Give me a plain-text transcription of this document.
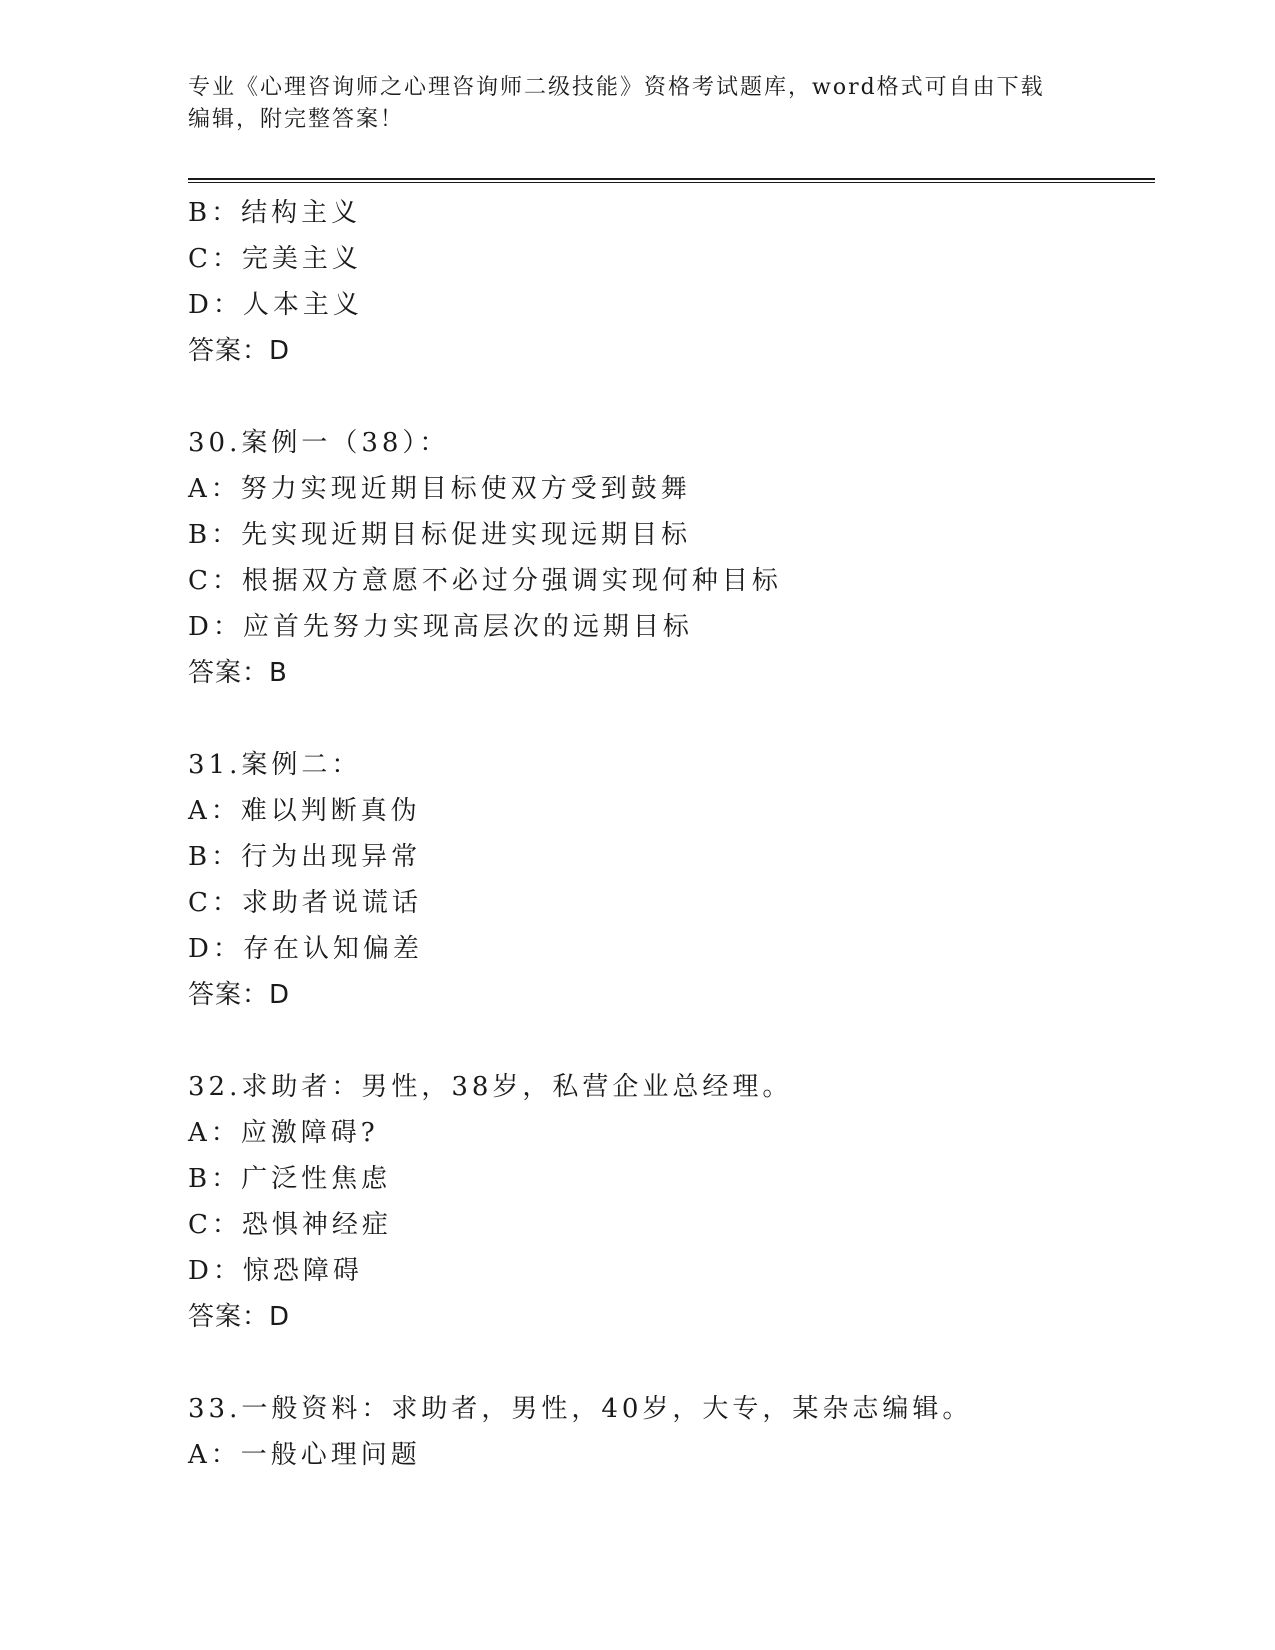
专业《心理咨询师之心理咨询师二级技能》资格考试题库，word格式可自由下载
编辑，附完整答案！
B：结构主义
C：完美主义
D：人本主义
答案：D
30.案例一（38）：
A：努力实现近期目标使双方受到鼓舞
B：先实现近期目标促进实现远期目标
C：根据双方意愿不必过分强调实现何种目标
D：应首先努力实现高层次的远期目标
答案：B
31.案例二：
A：难以判断真伪
B：行为出现异常
C：求助者说谎话
D：存在认知偏差
答案：D
32.求助者：男性，38岁，私营企业总经理。
A：应激障碍?
B：广泛性焦虑
C：恐惧神经症
D：惊恐障碍
答案：D
33.一般资料：求助者，男性，40岁，大专，某杂志编辑。
A：一般心理问题
